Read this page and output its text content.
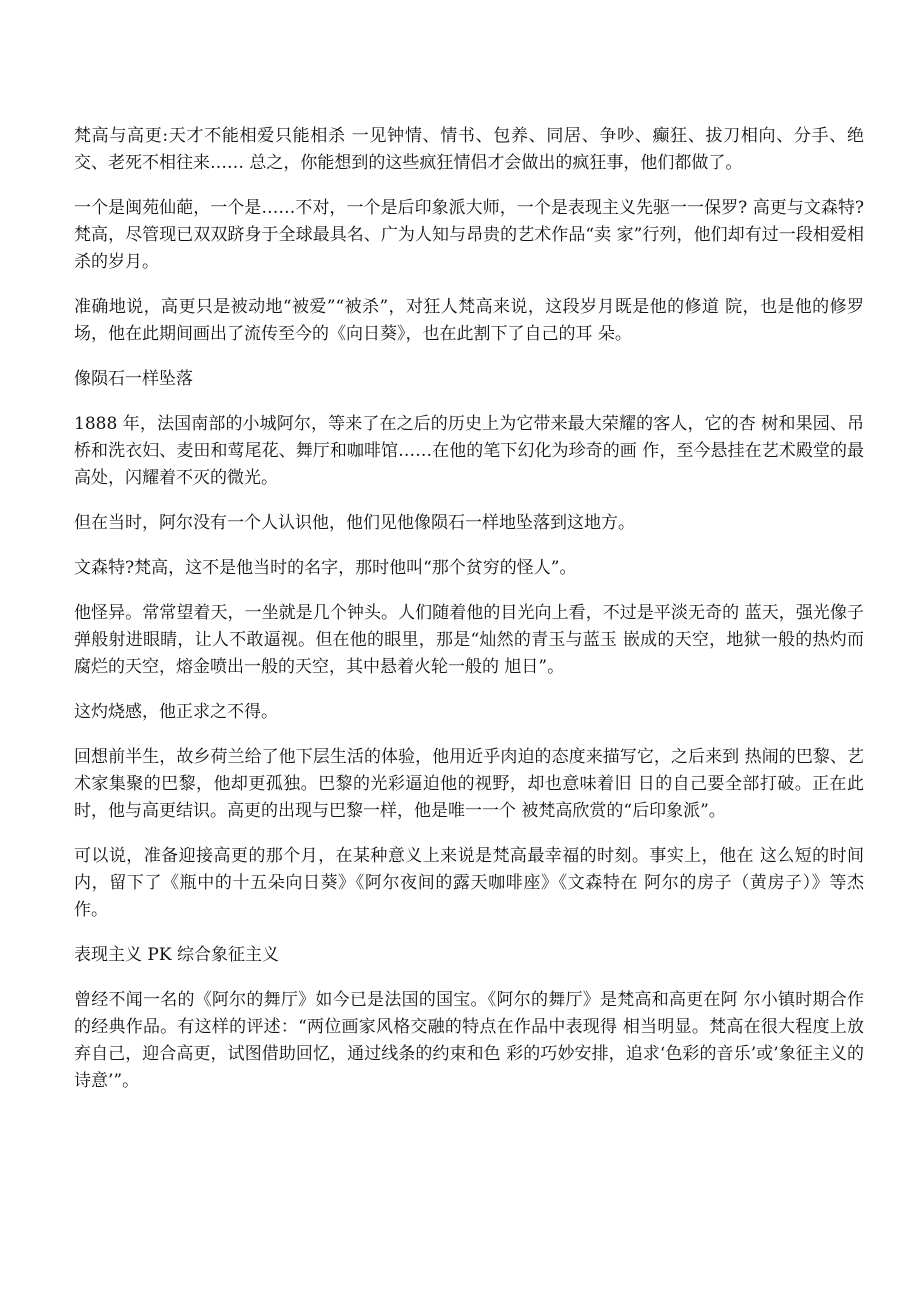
梵高与高更:天才不能相爱只能相杀 一见钟情、情书、包养、同居、争吵、癫狂、拔刀相向、分手、绝交、老死不相往来…… 总之，你能想到的这些疯狂情侣才会做出的疯狂事，他们都做了。

一个是闽苑仙葩，一个是……不对，一个是后印象派大师，一个是表现主义先驱一一保罗? 高更与文森特?梵高，尽管现已双双跻身于全球最具名、广为人知与昂贵的艺术作品“卖 家”行列，他们却有过一段相爱相杀的岁月。

准确地说，高更只是被动地“被爱”“被杀”，对狂人梵高来说，这段岁月既是他的修道 院，也是他的修罗场，他在此期间画出了流传至今的《向日葵》，也在此割下了自己的耳 朵。

像陨石一样坠落

1888 年，法国南部的小城阿尔，等来了在之后的历史上为它带来最大荣耀的客人，它的杏 树和果园、吊桥和洗衣妇、麦田和莺尾花、舞厅和咖啡馆……在他的笔下幻化为珍奇的画 作，至今悬挂在艺术殿堂的最高处，闪耀着不灭的微光。

但在当时，阿尔没有一个人认识他，他们见他像陨石一样地坠落到这地方。

文森特?梵高，这不是他当时的名字，那时他叫“那个贫穷的怪人”。

他怪异。常常望着天，一坐就是几个钟头。人们随着他的目光向上看，不过是平淡无奇的 蓝天，强光像子弹般射进眼睛，让人不敢逼视。但在他的眼里，那是“灿然的青玉与蓝玉 嵌成的天空，地狱一般的热灼而腐烂的天空，熔金喷出一般的天空，其中悬着火轮一般的 旭日”。

这灼烧感，他正求之不得。

回想前半生，故乡荷兰给了他下层生活的体验，他用近乎肉迫的态度来描写它，之后来到 热闹的巴黎、艺术家集聚的巴黎，他却更孤独。巴黎的光彩逼迫他的视野，却也意味着旧 日的自己要全部打破。正在此时，他与高更结识。高更的出现与巴黎一样，他是唯一一个 被梵高欣赏的“后印象派”。

可以说，准备迎接高更的那个月，在某种意义上来说是梵高最幸福的时刻。事实上，他在 这么短的时间内，留下了《瓶中的十五朵向日葵》《阿尔夜间的露天咖啡座》《文森特在 阿尔的房子（黄房子）》等杰作。

表现主义 PK 综合象征主义

曾经不闻一名的《阿尔的舞厅》如今已是法国的国宝。《阿尔的舞厅》是梵高和高更在阿 尔小镇时期合作的经典作品。有这样的评述：“两位画家风格交融的特点在作品中表现得 相当明显。梵高在很大程度上放弃自己，迎合高更，试图借助回忆，通过线条的约束和色 彩的巧妙安排，追求‘色彩的音乐’或’象征主义的诗意’”。
